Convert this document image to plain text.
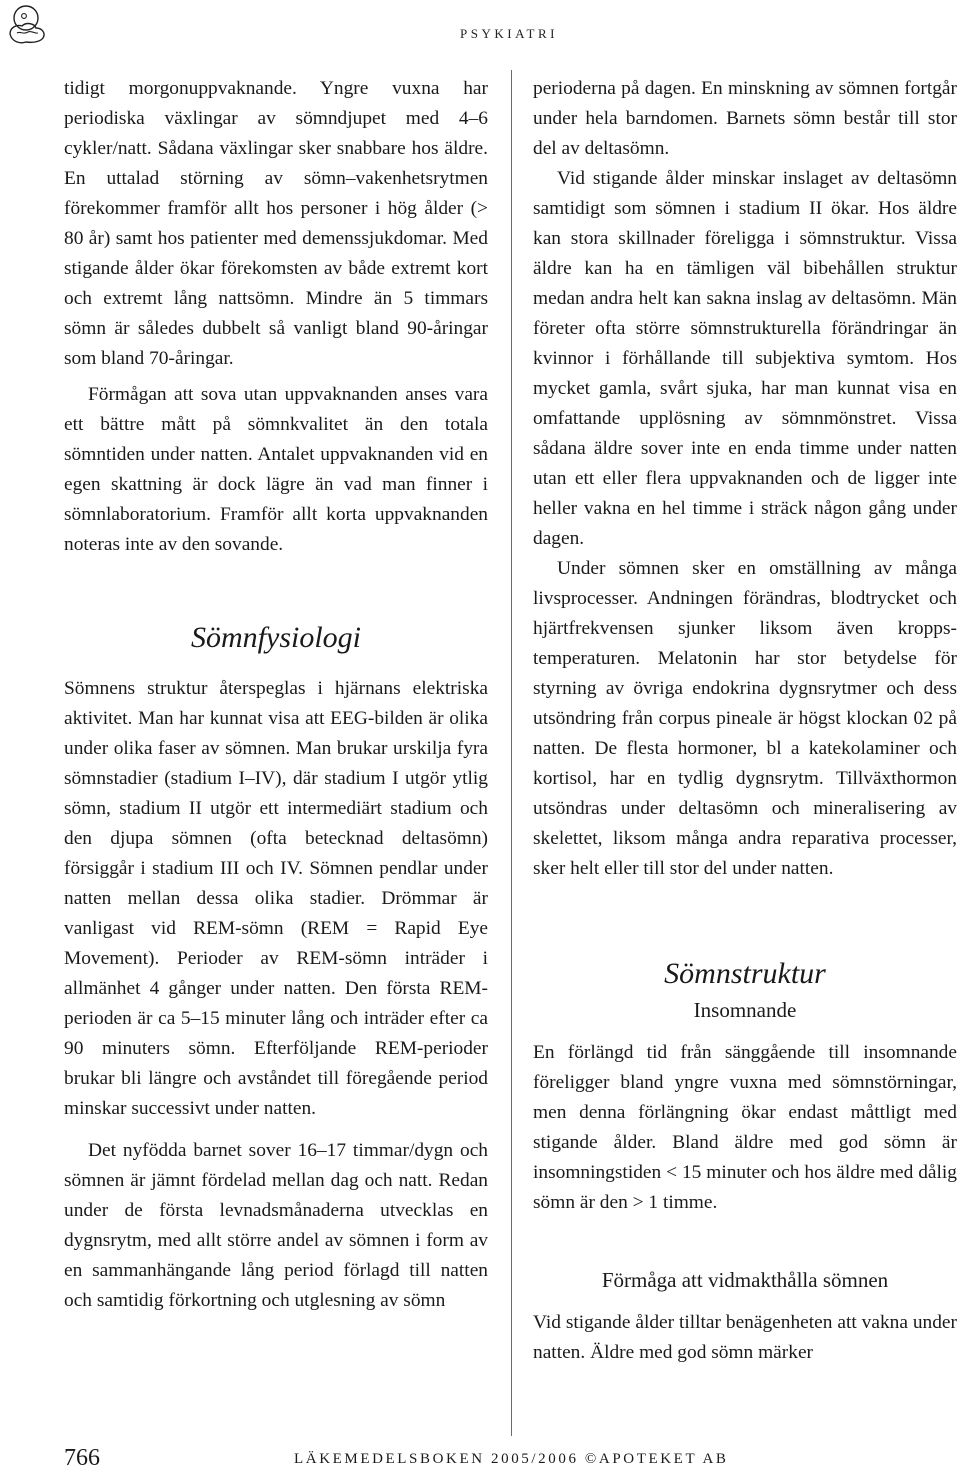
PSYKIATRI

tidigt morgonuppvaknande. Yngre vuxna har periodiska växlingar av sömndjupet med 4–6 cykler/natt. Sådana växlingar sker snabbare hos äldre. En uttalad störning av sömn–vakenhetsrytmen förekommer framför allt hos personer i hög ålder (> 80 år) samt hos patienter med demenssjukdomar. Med stigande ålder ökar förekomsten av både extremt kort och extremt lång nattsömn. Mindre än 5 timmars sömn är således dubbelt så vanligt bland 90-åringar som bland 70-åringar.

Förmågan att sova utan uppvaknanden anses vara ett bättre mått på sömnkvalitet än den totala sömntiden under natten. Antalet uppvaknanden vid en egen skattning är dock lägre än vad man finner i sömnlaboratorium. Framför allt korta uppvaknanden noteras inte av den sovande.

Sömnfysiologi

Sömnens struktur återspeglas i hjärnans elektriska aktivitet. Man har kunnat visa att EEG-bilden är olika under olika faser av sömnen. Man brukar urskilja fyra sömnstadier (stadium I–IV), där stadium I utgör ytlig sömn, stadium II utgör ett intermediärt stadium och den djupa sömnen (ofta betecknad deltasömn) försiggår i stadium III och IV. Sömnen pendlar under natten mellan dessa olika stadier. Drömmar är vanligast vid REM-sömn (REM = Rapid Eye Movement). Perioder av REM-sömn inträder i allmänhet 4 gånger under natten. Den första REM-perioden är ca 5–15 minuter lång och inträder efter ca 90 minuters sömn. Efterföljande REM-perioder brukar bli längre och avståndet till föregående period minskar successivt under natten.

Det nyfödda barnet sover 16–17 timmar/dygn och sömnen är jämnt fördelad mellan dag och natt. Redan under de första levnadsmånaderna utvecklas en dygnsrytm, med allt större andel av sömnen i form av en sammanhängande lång period förlagd till natten och samtidig förkortning och utglesning av sömn

perioderna på dagen. En minskning av sömnen fortgår under hela barndomen. Barnets sömn består till stor del av deltasömn.

Vid stigande ålder minskar inslaget av deltasömn samtidigt som sömnen i stadium II ökar. Hos äldre kan stora skillnader föreligga i sömnstruktur. Vissa äldre kan ha en tämligen väl bibehållen struktur medan andra helt kan sakna inslag av deltasömn. Män företer ofta större sömnstrukturella förändringar än kvinnor i förhållande till subjektiva symtom. Hos mycket gamla, svårt sjuka, har man kunnat visa en omfattande upplösning av sömnmönstret. Vissa sådana äldre sover inte en enda timme under natten utan ett eller flera uppvaknanden och de ligger inte heller vakna en hel timme i sträck någon gång under dagen.

Under sömnen sker en omställning av många livsprocesser. Andningen förändras, blodtrycket och hjärtfrekvensen sjunker liksom även kroppstemperaturen. Melatonin har stor betydelse för styrning av övriga endokrina dygnsrytmer och dess utsöndring från corpus pineale är högst klockan 02 på natten. De flesta hormoner, bl a katekolaminer och kortisol, har en tydlig dygnsrytm. Tillväxthormon utsöndras under deltasömn och mineralisering av skelettet, liksom många andra reparativa processer, sker helt eller till stor del under natten.

Sömnstruktur
Insomnande

En förlängd tid från sänggående till insomnande föreligger bland yngre vuxna med sömnstörningar, men denna förlängning ökar endast måttligt med stigande ålder. Bland äldre med god sömn är insomningstiden < 15 minuter och hos äldre med dålig sömn är den > 1 timme.

Förmåga att vidmakthålla sömnen

Vid stigande ålder tilltar benägenheten att vakna under natten. Äldre med god sömn märker

766	LÄKEMEDELSBOKEN 2005/2006 ©APOTEKET AB
